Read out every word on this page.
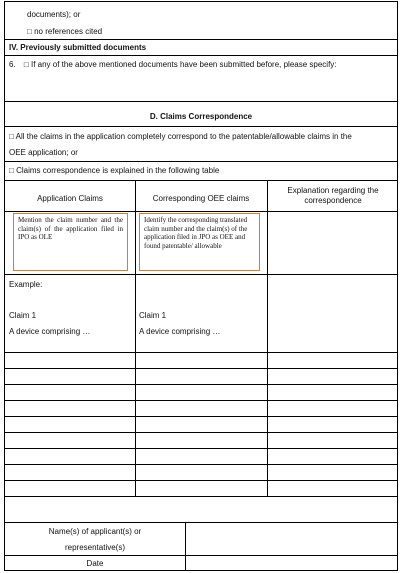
documents); or
□ no references cited
IV. Previously submitted documents
6. □ If any of the above mentioned documents have been submitted before, please specify:
D. Claims Correspondence
□ All the claims in the application completely correspond to the patentable/allowable claims in the
OEE application; or
□ Claims correspondence is explained in the following table
Application Claims	Corresponding OEE claims
Explanation regarding the correspondence
Mention the claim number and the claim(s) of the application filed in IPO as OLE
Identify the corresponding translated claim number and the claim(s) of the application filed in JPO as OEE and found patentable/ allowable
Example:
Claim 1
A device comprising …
Claim 1
A device comprising …
Name(s) of applicant(s) or
representative(s)
Date
